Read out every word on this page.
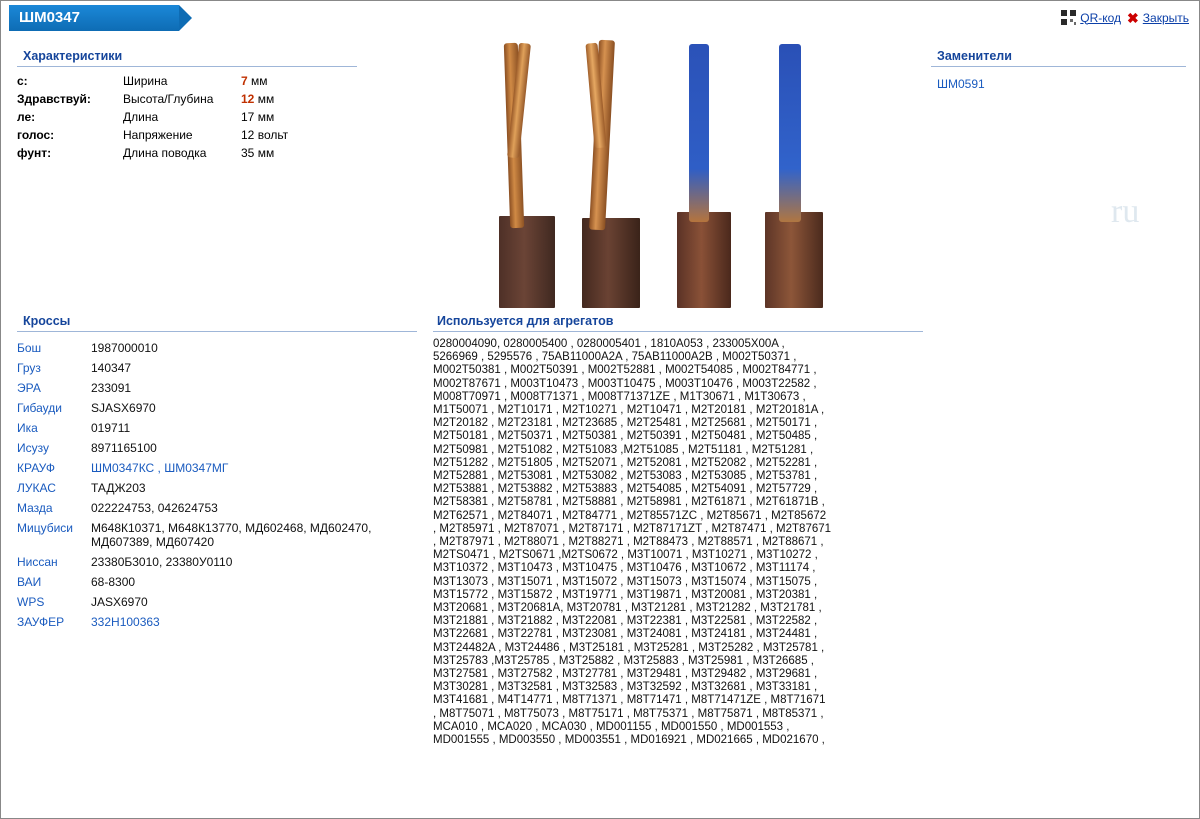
ШМ0347	QR-код ✖ Закрыть
Характеристики
с:	Ширина	7 мм
Здравствуй:	Высота/Глубина	12 мм
ле:	Длина	17 мм
голос:	Напряжение	12 вольт
фунт:	Длина поводка	35 мм
ru
Кроссы
Бош	1987000010
Груз	140347
ЭРА	233091
Гибауди	SJASX6970
Ика	019711
Исузу	8971165100
КРАУФ	ШМ0347КС , ШМ0347МГ
ЛУКАС	ТАДЖ203
Мазда	022224753, 042624753
Мицубиси	М648К10371, М648К13770, МД602468, МД602470, МД607389, МД607420
Ниссан	23380Б3010, 23380У0110
ВАИ	68-8300
WPS	JASX6970
ЗАУФЕР	332Н100363
Используется для агрегатов
0280004090, 0280005400 , 0280005401 , 1810A053 , 233005X00A ,
5266969 , 5295576 , 75AB11000A2A , 75AB11000A2B , M002T50371 ,
M002T50381 , M002T50391 , M002T52881 , M002T54085 , M002T84771 ,
M002T87671 , M003T10473 , M003T10475 , M003T10476 , M003T22582 ,
M008T70971 , M008T71371 , M008T71371ZE , M1T30671 , M1T30673 ,
M1T50071 , M2T10171 , M2T10271 , M2T10471 , M2T20181 , M2T20181A ,
M2T20182 , M2T23181 , M2T23685 , M2T25481 , M2T25681 , M2T50171 ,
M2T50181 , M2T50371 , M2T50381 , M2T50391 , M2T50481 , M2T50485 ,
M2T50981 , M2T51082 , M2T51083 ,M2T51085 , M2T51181 , M2T51281 ,
M2T51282 , M2T51805 , M2T52071 , M2T52081 , M2T52082 , M2T52281 ,
M2T52881 , M2T53081 , M2T53082 , M2T53083 , M2T53085 , M2T53781 ,
M2T53881 , M2T53882 , M2T53883 , M2T54085 , M2T54091 , M2T57729 ,
M2T58381 , M2T58781 , M2T58881 , M2T58981 , M2T61871 , M2T61871B ,
M2T62571 , M2T84071 , M2T84771 , M2T85571ZC , M2T85671 , M2T85672
, M2T85971 , M2T87071 , M2T87171 , M2T87171ZT , M2T87471 , M2T87671
, M2T87971 , M2T88071 , M2T88271 , M2T88473 , M2T88571 , M2T88671 ,
M2TS0471 , M2TS0671 ,M2TS0672 , M3T10071 , M3T10271 , M3T10272 ,
M3T10372 , M3T10473 , M3T10475 , M3T10476 , M3T10672 , M3T11174 ,
M3T13073 , M3T15071 , M3T15072 , M3T15073 , M3T15074 , M3T15075 ,
M3T15772 , M3T15872 , M3T19771 , M3T19871 , M3T20081 , M3T20381 ,
M3T20681 , M3T20681A, M3T20781 , M3T21281 , M3T21282 , M3T21781 ,
M3T21881 , M3T21882 , M3T22081 , M3T22381 , M3T22581 , M3T22582 ,
M3T22681 , M3T22781 , M3T23081 , M3T24081 , M3T24181 , M3T24481 ,
M3T24482A , M3T24486 , M3T25181 , M3T25281 , M3T25282 , M3T25781 ,
M3T25783 ,M3T25785 , M3T25882 , M3T25883 , M3T25981 , M3T26685 ,
M3T27581 , M3T27582 , M3T27781 , M3T29481 , M3T29482 , M3T29681 ,
M3T30281 , M3T32581 , M3T32583 , M3T32592 , M3T32681 , M3T33181 ,
M3T41681 , M4T14771 , M8T71371 , M8T71471 , M8T71471ZE , M8T71671
, M8T75071 , M8T75073 , M8T75171 , M8T75371 , M8T75871 , M8T85371 ,
MCA010 , MCA020 , MCA030 , MD001155 , MD001550 , MD001553 ,
MD001555 , MD003550 , MD003551 , MD016921 , MD021665 , MD021670 ,
Заменители
ШМ0591
